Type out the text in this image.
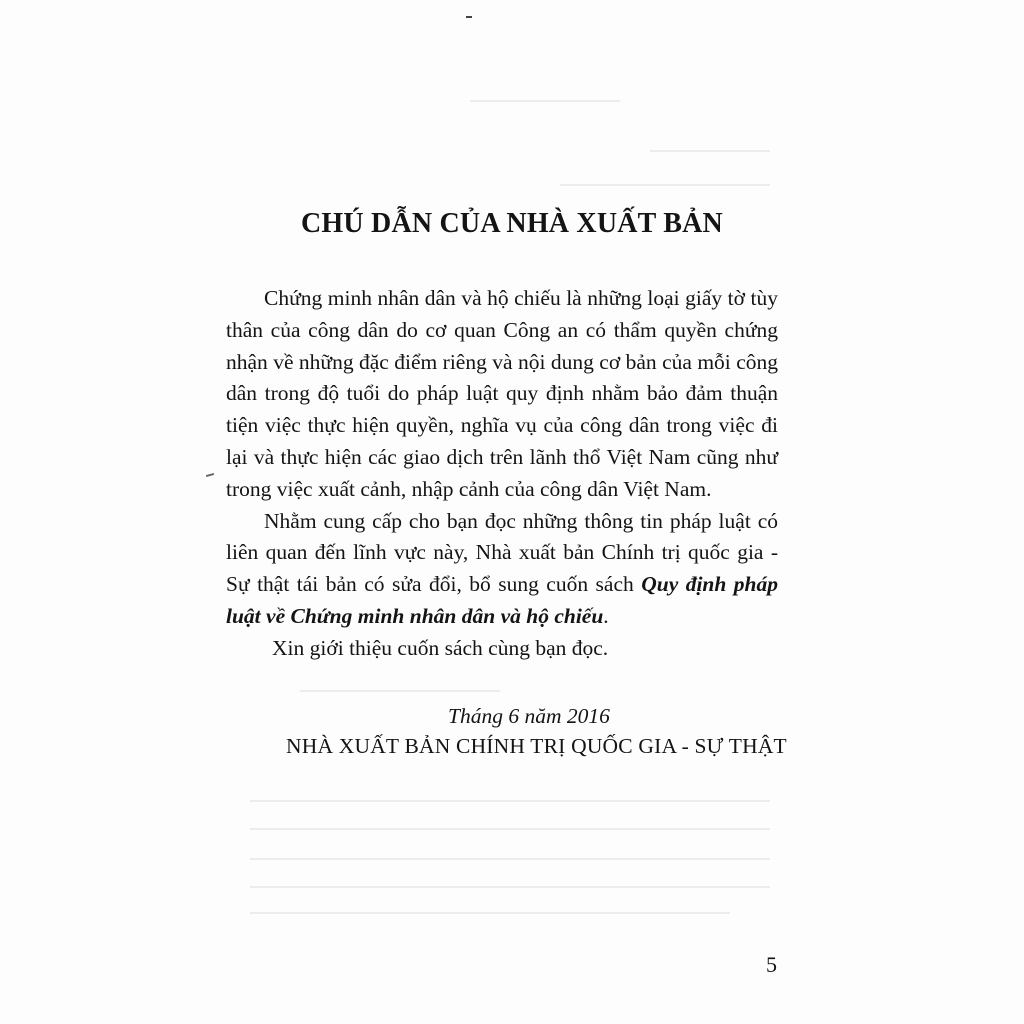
CHÚ DẪN CỦA NHÀ XUẤT BẢN

Chứng minh nhân dân và hộ chiếu là những loại giấy tờ tùy thân của công dân do cơ quan Công an có thẩm quyền chứng nhận về những đặc điểm riêng và nội dung cơ bản của mỗi công dân trong độ tuổi do pháp luật quy định nhằm bảo đảm thuận tiện việc thực hiện quyền, nghĩa vụ của công dân trong việc đi lại và thực hiện các giao dịch trên lãnh thổ Việt Nam cũng như trong việc xuất cảnh, nhập cảnh của công dân Việt Nam.

Nhằm cung cấp cho bạn đọc những thông tin pháp luật có liên quan đến lĩnh vực này, Nhà xuất bản Chính trị quốc gia - Sự thật tái bản có sửa đổi, bổ sung cuốn sách Quy định pháp luật về Chứng minh nhân dân và hộ chiếu.

Xin giới thiệu cuốn sách cùng bạn đọc.

Tháng 6 năm 2016

NHÀ XUẤT BẢN CHÍNH TRỊ QUỐC GIA - SỰ THẬT

5
